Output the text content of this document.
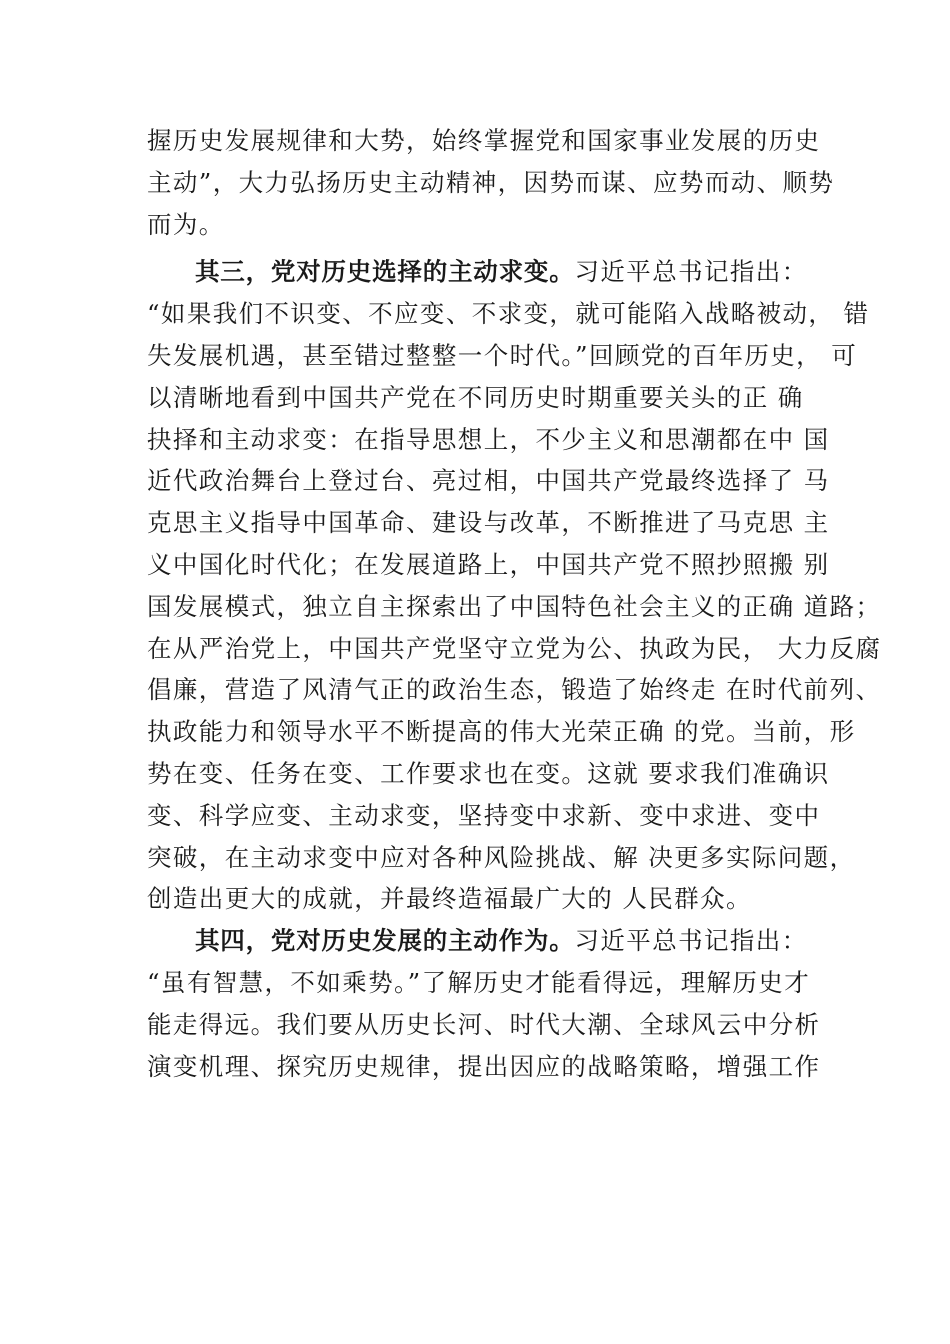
握历史发展规律和大势，始终掌握党和国家事业发展的历史
主动”，大力弘扬历史主动精神，因势而谋、应势而动、顺势
而为。
其三，党对历史选择的主动求变。习近平总书记指出：
“如果我们不识变、不应变、不求变，就可能陷入战略被动， 错
失发展机遇，甚至错过整整一个时代。”回顾党的百年历史， 可
以清晰地看到中国共产党在不同历史时期重要关头的正 确
抉择和主动求变：在指导思想上，不少主义和思潮都在中 国
近代政治舞台上登过台、亮过相，中国共产党最终选择了 马
克思主义指导中国革命、建设与改革，不断推进了马克思 主
义中国化时代化；在发展道路上，中国共产党不照抄照搬 别
国发展模式，独立自主探索出了中国特色社会主义的正确 道路；
在从严治党上，中国共产党坚守立党为公、执政为民， 大力反腐
倡廉，营造了风清气正的政治生态，锻造了始终走 在时代前列、
执政能力和领导水平不断提高的伟大光荣正确 的党。当前，形
势在变、任务在变、工作要求也在变。这就 要求我们准确识
变、科学应变、主动求变，坚持变中求新、变中求进、变中
突破，在主动求变中应对各种风险挑战、解 决更多实际问题，
创造出更大的成就，并最终造福最广大的 人民群众。
其四，党对历史发展的主动作为。习近平总书记指出：
“虽有智慧，不如乘势。”了解历史才能看得远，理解历史才
能走得远。我们要从历史长河、时代大潮、全球风云中分析
演变机理、探究历史规律，提出因应的战略策略，增强工作
